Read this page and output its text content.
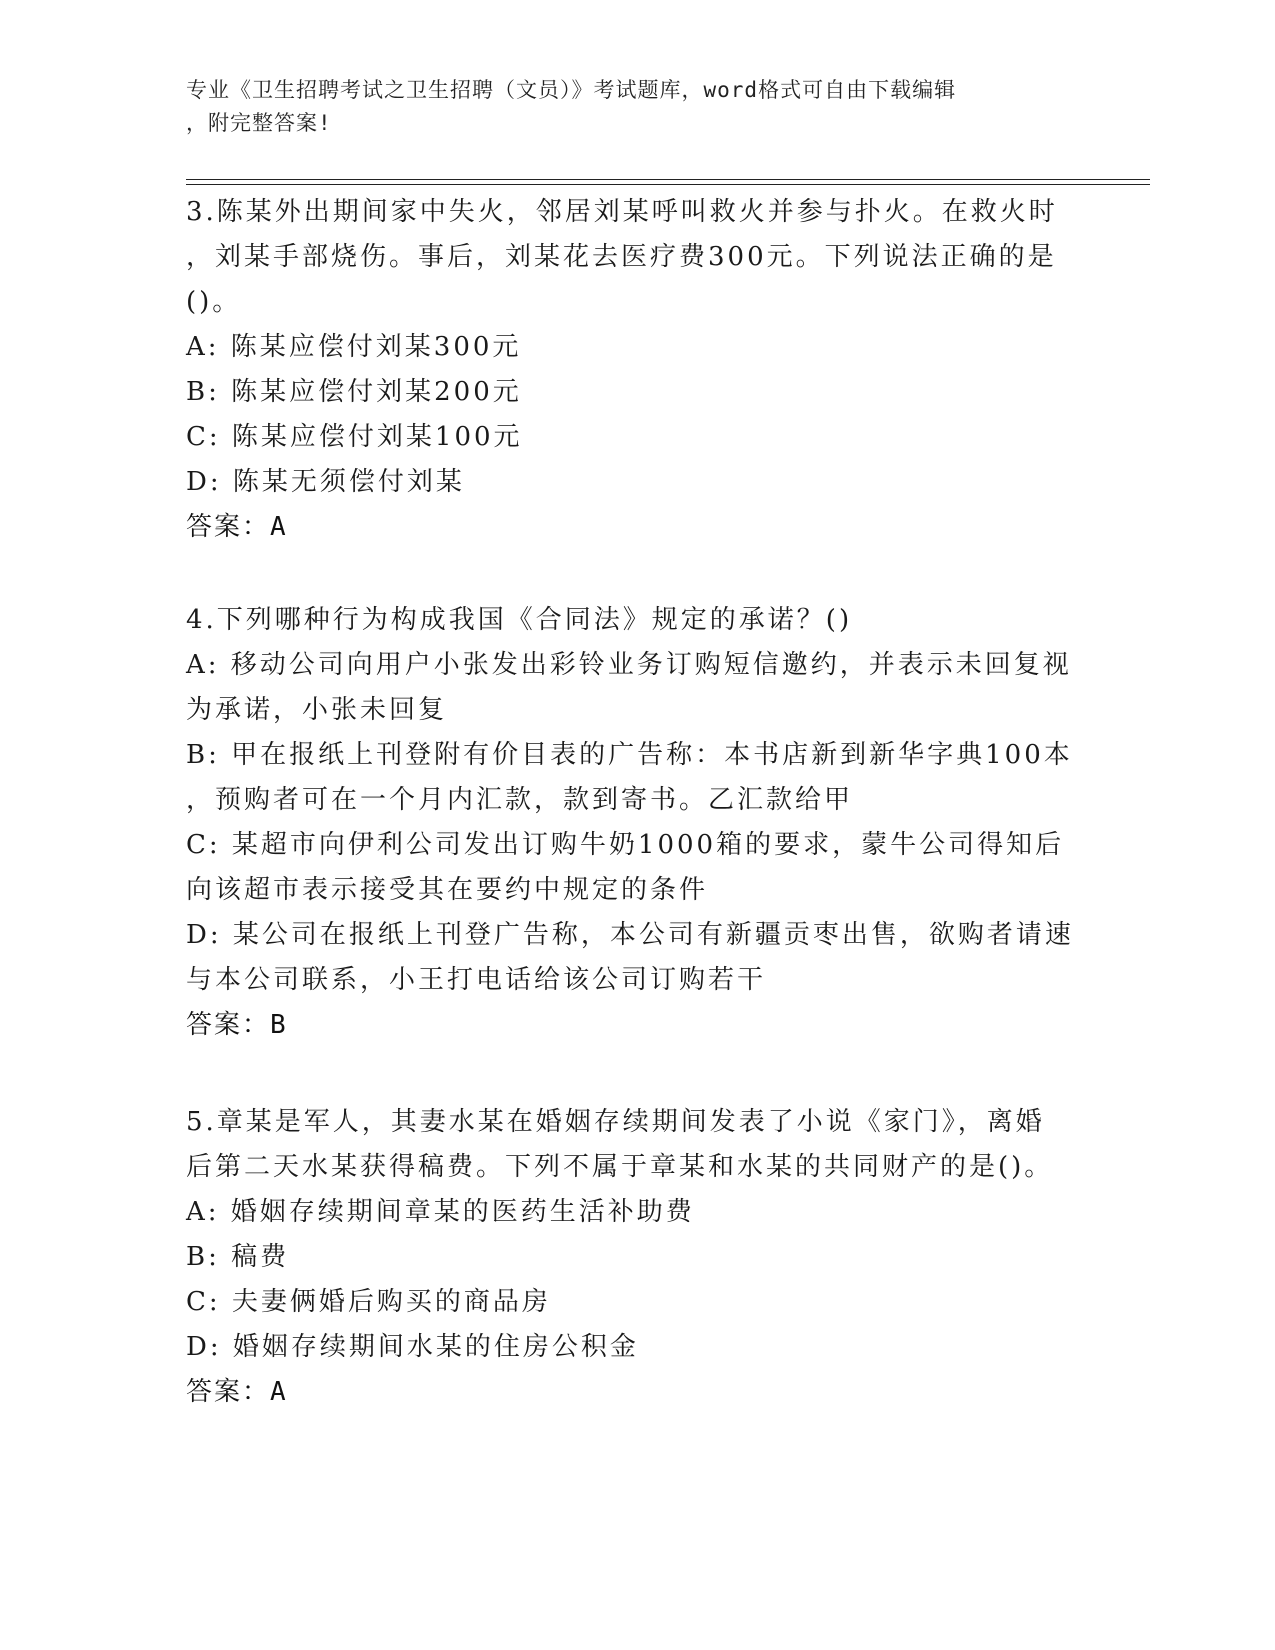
专业《卫生招聘考试之卫生招聘（文员）》考试题库，word格式可自由下载编辑
，附完整答案!
3.陈某外出期间家中失火，邻居刘某呼叫救火并参与扑火。在救火时
，刘某手部烧伤。事后，刘某花去医疗费300元。下列说法正确的是
()。
A: 陈某应偿付刘某300元
B: 陈某应偿付刘某200元
C: 陈某应偿付刘某100元
D: 陈某无须偿付刘某
答案：A
4.下列哪种行为构成我国《合同法》规定的承诺？()
A: 移动公司向用户小张发出彩铃业务订购短信邀约，并表示未回复视
为承诺，小张未回复
B: 甲在报纸上刊登附有价目表的广告称：本书店新到新华字典100本
，预购者可在一个月内汇款，款到寄书。乙汇款给甲
C: 某超市向伊利公司发出订购牛奶1000箱的要求，蒙牛公司得知后
向该超市表示接受其在要约中规定的条件
D: 某公司在报纸上刊登广告称，本公司有新疆贡枣出售，欲购者请速
与本公司联系，小王打电话给该公司订购若干
答案：B
5.章某是军人，其妻水某在婚姻存续期间发表了小说《家门》，离婚
后第二天水某获得稿费。下列不属于章某和水某的共同财产的是()。
A: 婚姻存续期间章某的医药生活补助费
B: 稿费
C: 夫妻俩婚后购买的商品房
D: 婚姻存续期间水某的住房公积金
答案：A
